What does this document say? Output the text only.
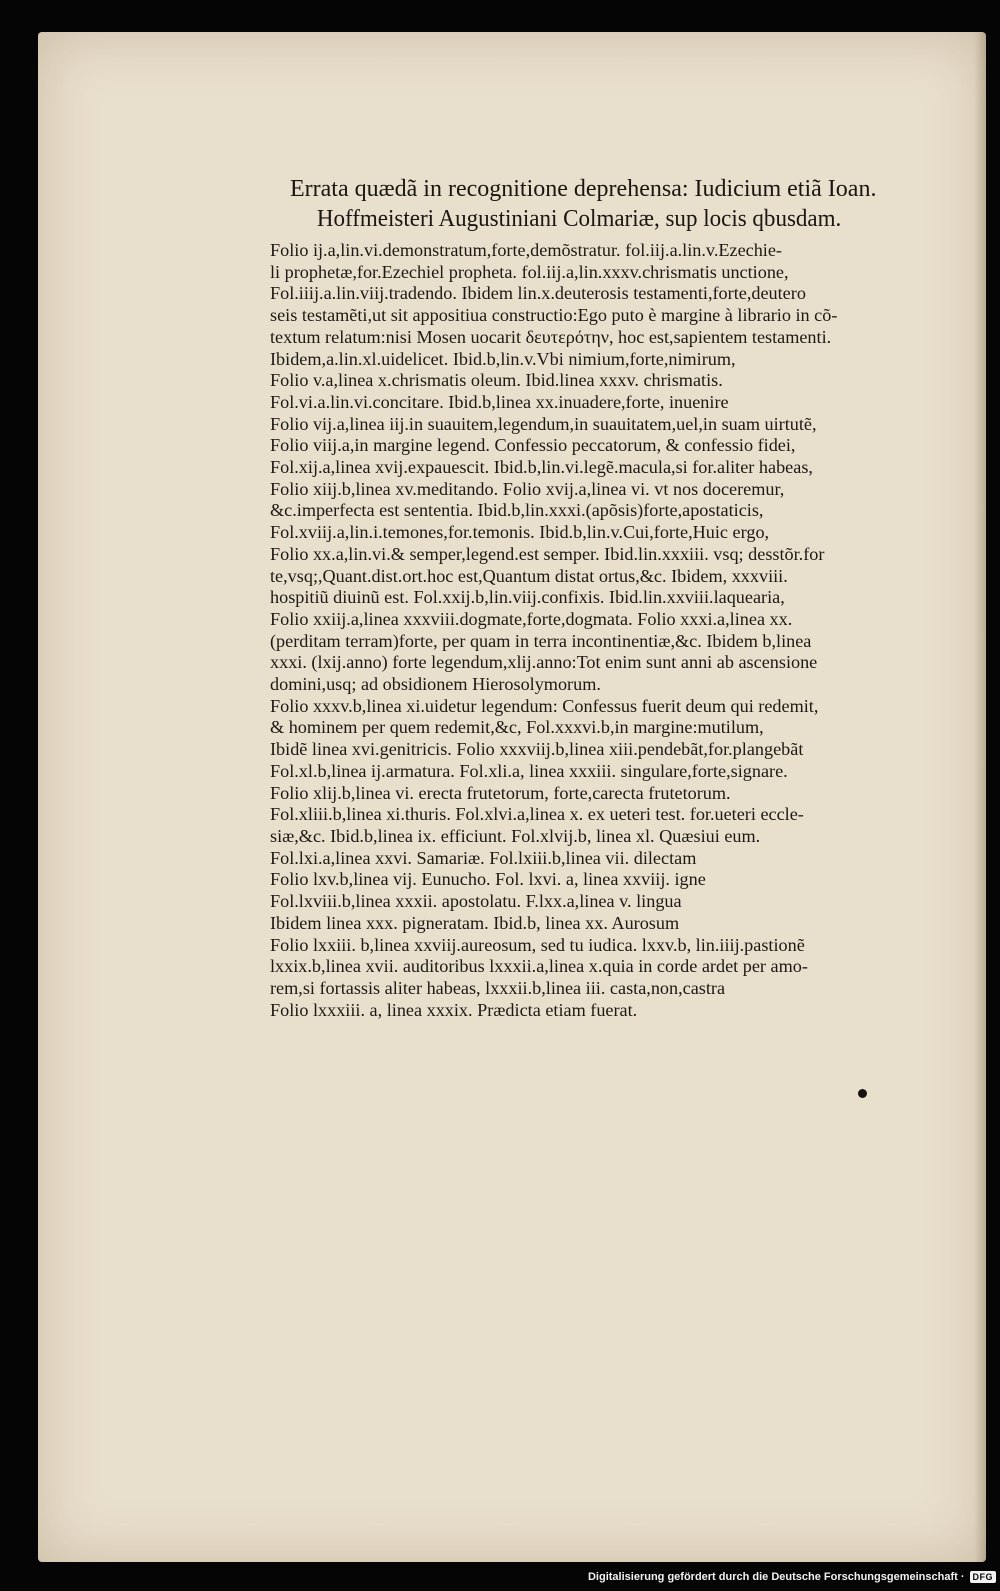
Errata quædã in recognitione deprehensa: Iudicium etiã Ioan.
Hoffmeisteri Augustiniani Colmariæ, sup locis qbusdam.
Folio ij.a,lin.vi.demonstratum,forte,demõstratur. fol.iij.a.lin.v.Ezechie-
li prophetæ,for.Ezechiel propheta. fol.iij.a,lin.xxxv.chrismatis unctione,
Fol.iiij.a.lin.viij.tradendo. Ibidem lin.x.deuterosis testamenti,forte,deutero
seis testamẽti,ut sit appositiua constructio:Ego puto è margine à librario in cõ-
textum relatum:nisi Mosen uocarit δευτερότην, hoc est,sapientem testamenti.
Ibidem,a.lin.xl.uidelicet. Ibid.b,lin.v.Vbi nimium,forte,nimirum,
Folio v.a,linea x.chrismatis oleum. Ibid.linea xxxv. chrismatis.
Fol.vi.a.lin.vi.concitare. Ibid.b,linea xx.inuadere,forte, inuenire
Folio vij.a,linea iij.in suauitem,legendum,in suauitatem,uel,in suam uirtutẽ,
Folio viij.a,in margine legend. Confessio peccatorum, & confessio fidei,
Fol.xij.a,linea xvij.expauescit. Ibid.b,lin.vi.legẽ.macula,si for.aliter habeas,
Folio xiij.b,linea xv.meditando. Folio xvij.a,linea vi. vt nos doceremur,
&c.imperfecta est sententia. Ibid.b,lin.xxxi.(apõsis)forte,apostaticis,
Fol.xviij.a,lin.i.temones,for.temonis. Ibid.b,lin.v.Cui,forte,Huic ergo,
Folio xx.a,lin.vi.& semper,legend.est semper. Ibid.lin.xxxiii. vsq; desstõr.for
te,vsq;,Quant.dist.ort.hoc est,Quantum distat ortus,&c. Ibidem, xxxviii.
hospitiũ diuinũ est. Fol.xxij.b,lin.viij.confixis. Ibid.lin.xxviii.laquearia,
Folio xxiij.a,linea xxxviii.dogmate,forte,dogmata. Folio xxxi.a,linea xx.
(perditam terram)forte, per quam in terra incontinentiæ,&c. Ibidem b,linea
xxxi. (lxij.anno) forte legendum,xlij.anno:Tot enim sunt anni ab ascensione
domini,usq; ad obsidionem Hierosolymorum.
Folio xxxv.b,linea xi.uidetur legendum: Confessus fuerit deum qui redemit,
& hominem per quem redemit,&c, Fol.xxxvi.b,in margine:mutilum,
Ibidẽ linea xvi.genitricis. Folio xxxviij.b,linea xiii.pendebãt,for.plangebãt
Fol.xl.b,linea ij.armatura. Fol.xli.a, linea xxxiii. singulare,forte,signare.
Folio xlij.b,linea vi. erecta frutetorum, forte,carecta frutetorum.
Fol.xliii.b,linea xi.thuris. Fol.xlvi.a,linea x. ex ueteri test. for.ueteri eccle-
siæ,&c. Ibid.b,linea ix. efficiunt. Fol.xlvij.b, linea xl. Quæsiui eum.
Fol.lxi.a,linea xxvi. Samariæ. Fol.lxiii.b,linea vii. dilectam
Folio lxv.b,linea vij. Eunucho. Fol. lxvi. a, linea xxviij. igne
Fol.lxviii.b,linea xxxii. apostolatu. F.lxx.a,linea v. lingua
Ibidem linea xxx. pigneratam. Ibid.b, linea xx. Aurosum
Folio lxxiii. b,linea xxviij.aureosum, sed tu iudica. lxxv.b, lin.iiij.pastionẽ
lxxix.b,linea xvii. auditoribus lxxxii.a,linea x.quia in corde ardet per amo-
rem,si fortassis aliter habeas, lxxxii.b,linea iii. casta,non,castra
Folio lxxxiii. a, linea xxxix. Prædicta etiam fuerat.
Digitalisierung gefördert durch die Deutsche Forschungsgemeinschaft · DFG
